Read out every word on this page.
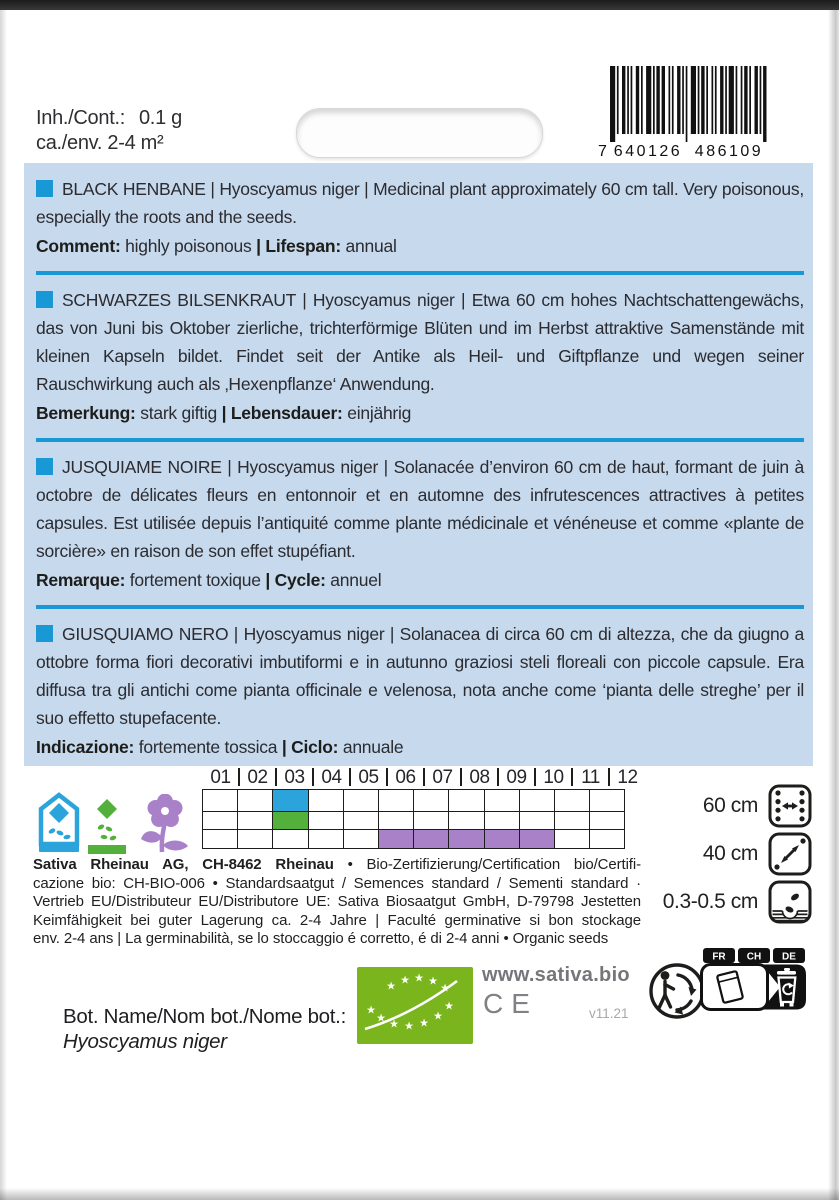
Inh./Cont.: 0.1 g
ca./env. 2-4 m²	7 640126 486109
BLACK HENBANE | Hyoscyamus niger | Medicinal plant approximately 60 cm tall. Very poisonous, especially the roots and the seeds.
Comment: highly poisonous | Lifespan: annual
SCHWARZES BILSENKRAUT | Hyoscyamus niger | Etwa 60 cm hohes Nachtschattengewächs, das von Juni bis Oktober zierliche, trichterförmige Blüten und im Herbst attraktive Samenstände mit kleinen Kapseln bildet. Findet seit der Antike als Heil- und Giftpflanze und wegen seiner Rauschwirkung auch als ‚Hexenpflanze‘ Anwendung.
Bemerkung: stark giftig | Lebensdauer: einjährig
JUSQUIAME NOIRE | Hyoscyamus niger | Solanacée d’environ 60 cm de haut, formant de juin à octobre de délicates fleurs en entonnoir et en automne des infrutescences attractives à petites capsules. Est utilisée depuis l’antiquité comme plante médicinale et vénéneuse et comme «plante de sorcière» en raison de son effet stupéfiant.
Remarque: fortement toxique | Cycle: annuel
GIUSQUIAMO NERO | Hyoscyamus niger | Solanacea di circa 60 cm di altezza, che da giugno a ottobre forma fiori decorativi imbutiformi e in autunno graziosi steli floreali con piccole capsule. Era diffusa tra gli antichi come pianta officinale e velenosa, nota anche come ‘pianta delle streghe’ per il suo effetto stupefacente.
Indicazione: fortemente tossica | Ciclo: annuale
01 02 03 04 05 06 07 08 09 10 11 12
60 cm
40 cm
0.3-0.5 cm
Sativa Rheinau AG, CH-8462 Rheinau • Bio-Zertifizierung/Certification bio/Certifi-
cazione bio: CH-BIO-006 • Standardsaatgut / Semences standard / Sementi standard ·
Vertrieb EU/Distributeur EU/Distributore UE: Sativa Biosaatgut GmbH, D-79798 Jestetten
Keimfähigkeit bei guter Lagerung ca. 2-4 Jahre | Faculté germinative si bon stockage
env. 2-4 ans | La germinabilità, se lo stoccaggio é corretto, é di 2-4 anni • Organic seeds
★ ★ ★ ★
★
★
★ ★ ★ ★
★
★
www.sativa.bio
CE	v11.21
Bot. Name/Nom bot./Nome bot.:
Hyoscyamus niger
FR CH DE
